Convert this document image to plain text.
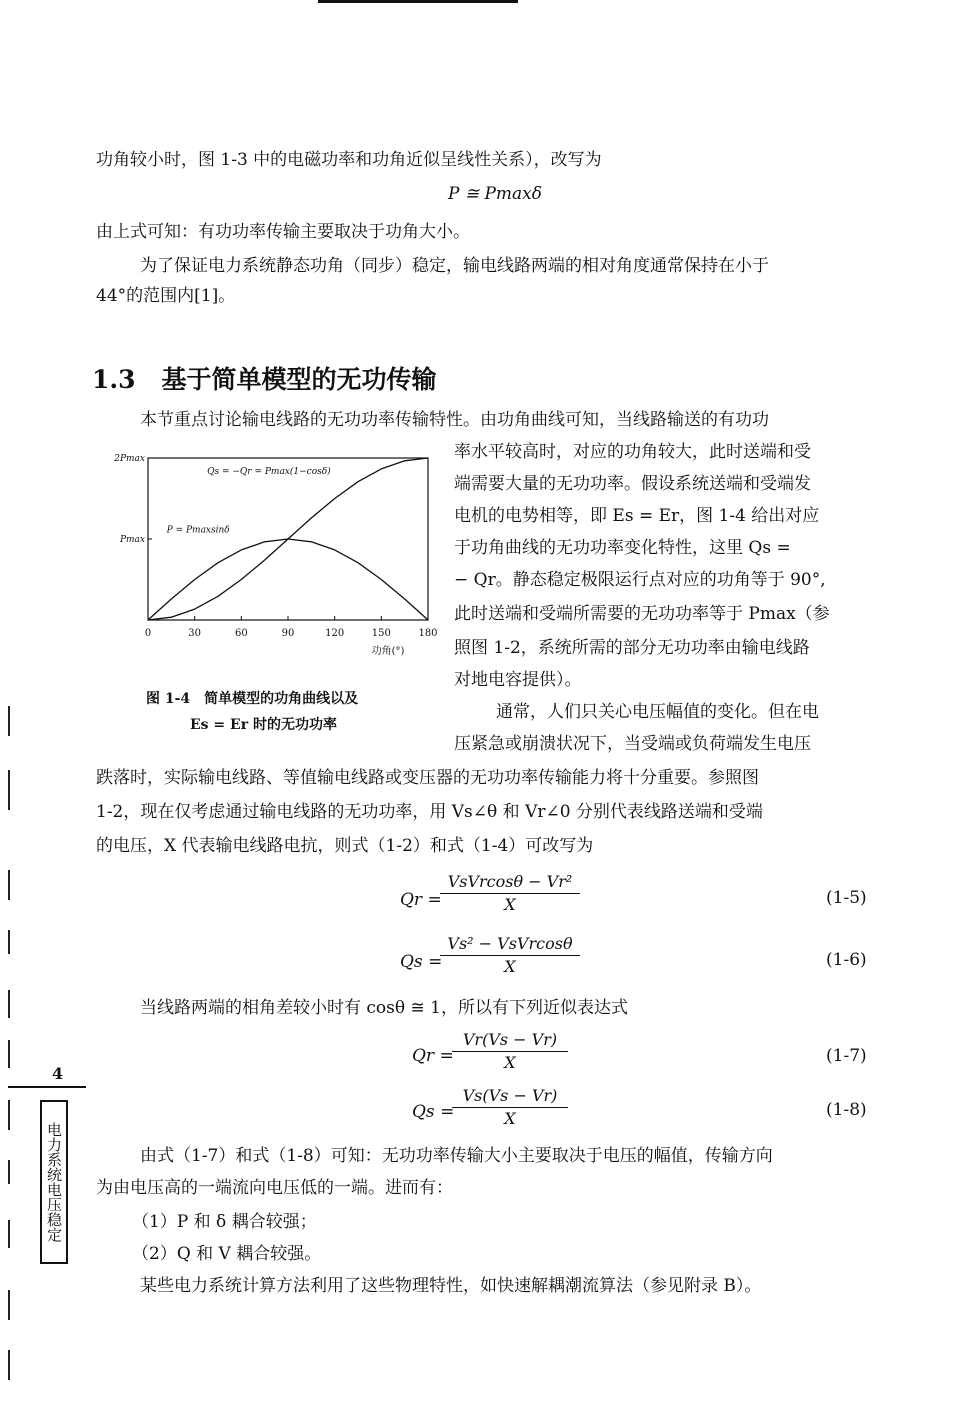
功角较小时，图 1-3 中的电磁功率和功角近似呈线性关系），改写为
P ≅ Pmaxδ
由上式可知：有功功率传输主要取决于功角大小。
为了保证电力系统静态功角（同步）稳定，输电线路两端的相对角度通常保持在小于
44°的范围内[1]。
1.3 基于简单模型的无功传输
本节重点讨论输电线路的无功功率传输特性。由功角曲线可知，当线路输送的有功功
率水平较高时，对应的功角较大，此时送端和受
端需要大量的无功功率。假设系统送端和受端发
电机的电势相等，即 Es = Er，图 1-4 给出对应
于功角曲线的无功功率变化特性，这里 Qs =
− Qr。静态稳定极限运行点对应的功角等于 90°,
此时送端和受端所需要的无功功率等于 Pmax（参
照图 1-2，系统所需的部分无功功率由输电线路
对地电容提供）。
通常，人们只关心电压幅值的变化。但在电
压紧急或崩溃状况下，当受端或负荷端发生电压
跌落时，实际输电线路、等值输电线路或变压器的无功功率传输能力将十分重要。参照图
1-2，现在仅考虑通过输电线路的无功功率，用 Vs∠θ 和 Vr∠0 分别代表线路送端和受端
的电压，X 代表输电线路电抗，则式（1-2）和式（1-4）可改写为
0	30	60	90	120	150	180
Pmax
2Pmax
功角(°)
Qs = −Qr = Pmax(1−cosδ)
P = Pmaxsinδ
图 1-4　简单模型的功角曲线以及
Es = Er 时的无功功率
Qr =
VsVrcosθ − Vr²
X	(1-5)
Qs =
Vs² − VsVrcosθ
X	(1-6)
当线路两端的相角差较小时有 cosθ ≅ 1，所以有下列近似表达式
Qr =
$\frac{Vr(Vs - Vr)}{X}$	(1-7)
Qs =
$\frac{Vs(Vs - Vr)}{X}$	(1-8)
由式（1-7）和式（1-8）可知：无功功率传输大小主要取决于电压的幅值，传输方向
为由电压高的一端流向电压低的一端。进而有：
（1）P 和 δ 耦合较强；
（2）Q 和 V 耦合较强。
某些电力系统计算方法利用了这些物理特性，如快速解耦潮流算法（参见附录 B）。
4
电力系统电压稳定
